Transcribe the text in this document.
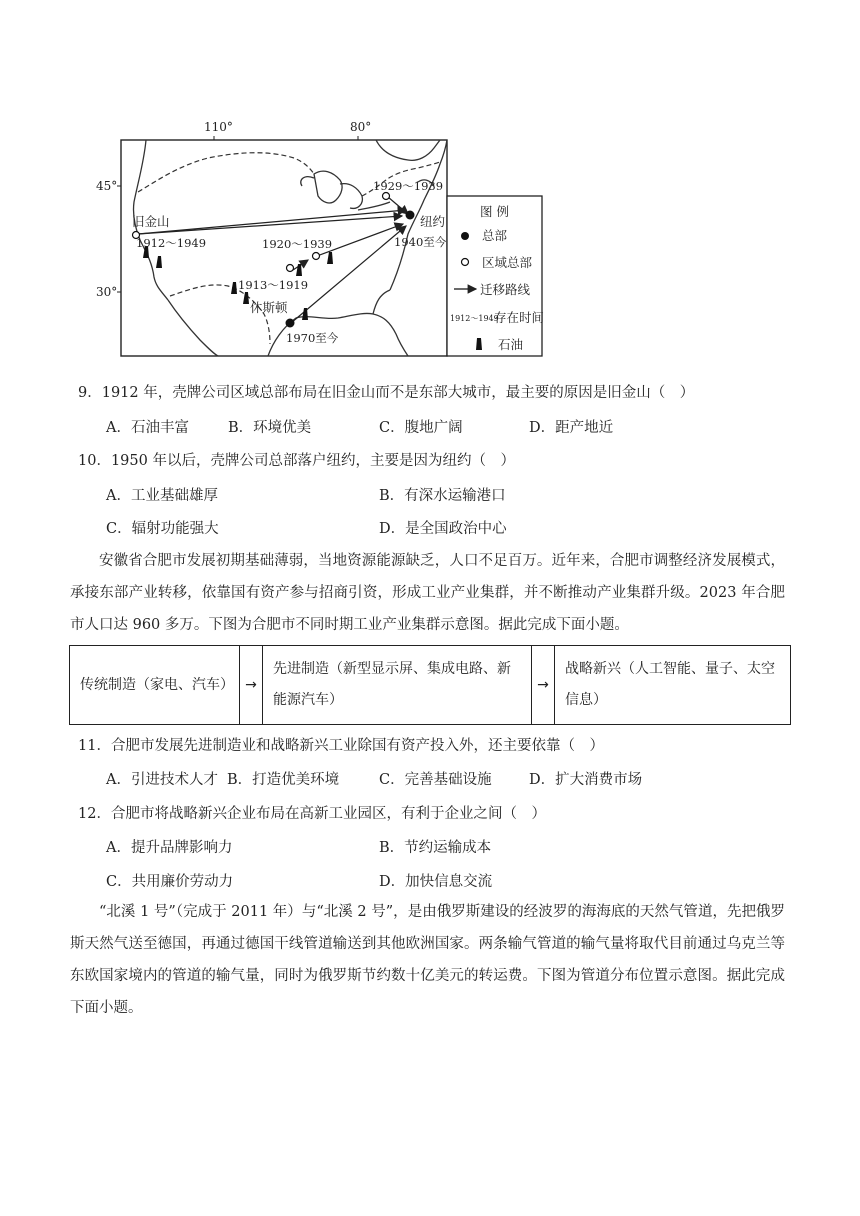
110°	80°
45°
30°
旧金山
1912～1949
1929～1939
纽约
1940至今
1920～1939
1913～1919
休斯顿
1970至今
图 例
总部
区域总部
迁移路线
1912～1949
存在时间
石油
9．1912 年，壳牌公司区域总部布局在旧金山而不是东部大城市，最主要的原因是旧金山（　）
A．石油丰富	B．环境优美	C．腹地广阔	D．距产地近
10．1950 年以后，壳牌公司总部落户纽约，主要是因为纽约（　）
A．工业基础雄厚	B．有深水运输港口
C．辐射功能强大	D．是全国政治中心
安徽省合肥市发展初期基础薄弱，当地资源能源缺乏，人口不足百万。近年来，合肥市调整经济发展模式，承接东部产业转移，依靠国有资产参与招商引资，形成工业产业集群，并不断推动产业集群升级。2023 年合肥市人口达 960 多万。下图为合肥市不同时期工业产业集群示意图。据此完成下面小题。
传统制造（家电、汽车）	→	先进制造（新型显示屏、集成电路、新能源汽车）	→	战略新兴（人工智能、量子、太空信息）
11．合肥市发展先进制造业和战略新兴工业除国有资产投入外，还主要依靠（　）
A．引进技术人才 B．打造优美环境	C．完善基础设施	D．扩大消费市场
12．合肥市将战略新兴企业布局在高新工业园区，有利于企业之间（　）
A．提升品牌影响力	B．节约运输成本
C．共用廉价劳动力	D．加快信息交流
“北溪 1 号”（完成于 2011 年）与“北溪 2 号”，是由俄罗斯建设的经波罗的海海底的天然气管道，先把俄罗斯天然气送至德国，再通过德国干线管道输送到其他欧洲国家。两条输气管道的输气量将取代目前通过乌克兰等东欧国家境内的管道的输气量，同时为俄罗斯节约数十亿美元的转运费。下图为管道分布位置示意图。据此完成下面小题。
